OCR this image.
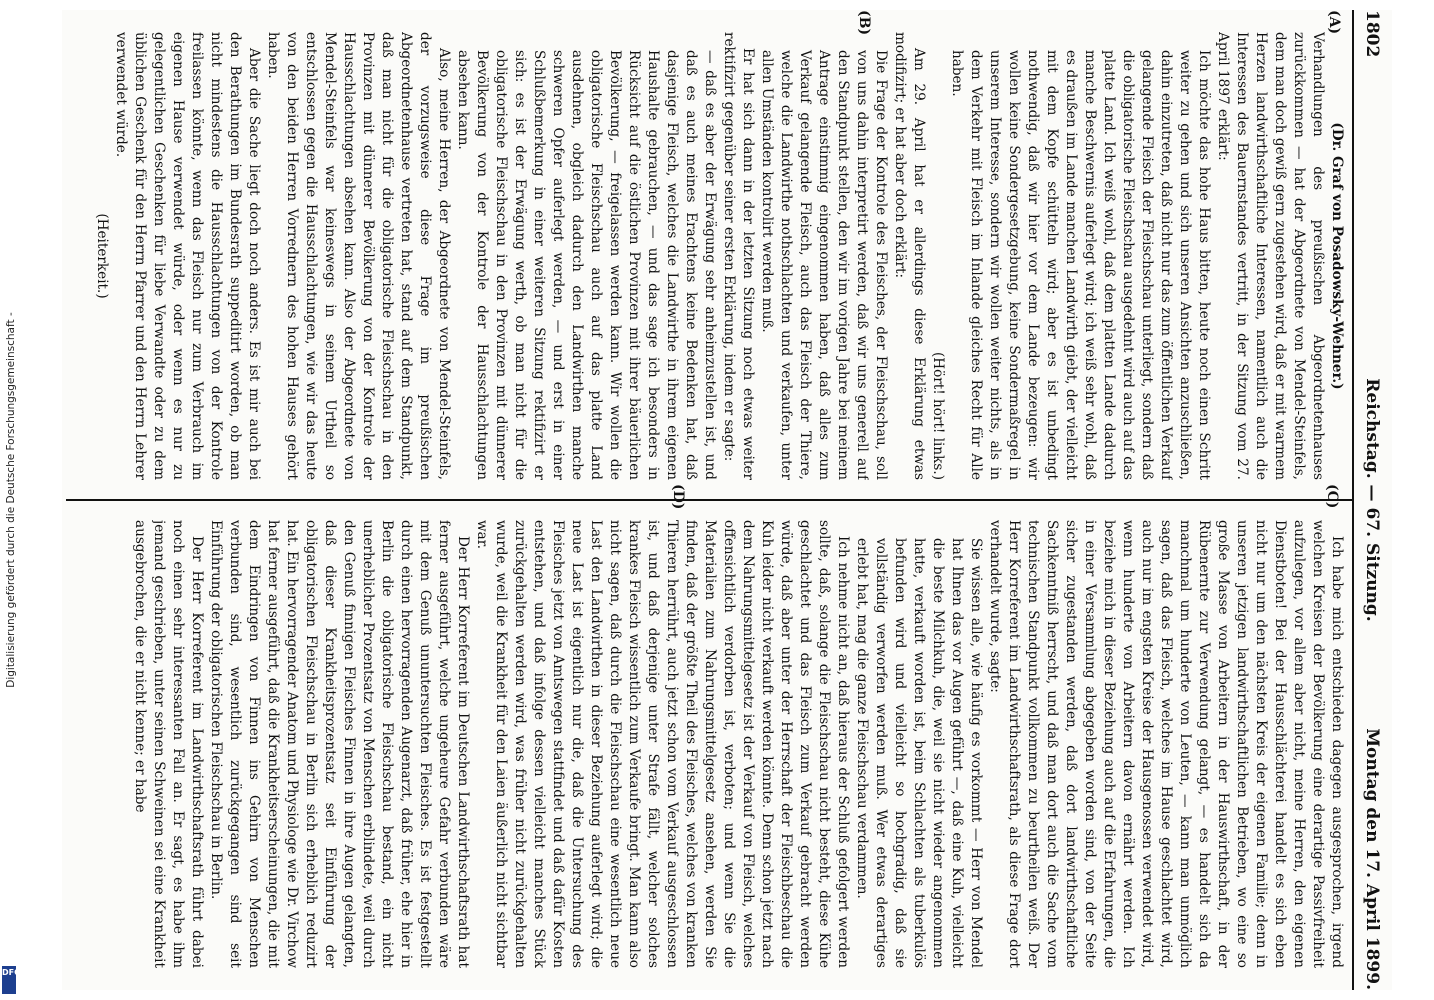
1802
Reichstag. — 67. Sitzung.
Montag den 17. April 1899.
(A)
(B)
(C)
(D)

(Dr. Graf von Posadowsky-Wehner.)

Verhandlungen des preußischen Abgeordnetenhauses zurückkommen — hat der Abgeordnete von Mendel-Steinfels, dem man doch gewiß gern zugestehen wird, daß er mit warmem Herzen landwirthschaftliche Interessen, namentlich auch die Interessen des Bauernstandes vertritt, in der Sitzung vom 27. April 1897 erklärt:

Ich möchte das hohe Haus bitten, heute noch einen Schritt weiter zu gehen und sich unseren Ansichten anzuschließen, dahin einzutreten, daß nicht nur das zum öffentlichen Verkauf gelangende Fleisch der Fleischschau unterliegt, sondern daß die obligatorische Fleischschau ausgedehnt wird auch auf das platte Land. Ich weiß wohl, daß dem platten Lande dadurch manche Beschwernis auferlegt wird; ich weiß sehr wohl, daß es draußen im Lande manchen Landwirth giebt, der vielleicht mit dem Kopfe schütteln wird; aber es ist unbedingt nothwendig, daß wir hier vor dem Lande bezeugen: wir wollen keine Sondergesetzgebung, keine Sondermaßregel in unserem Interesse, sondern wir wollen weiter nichts, als in dem Verkehr mit Fleisch im Inlande gleiches Recht für Alle haben.

(Hört! hört! links.)

Am 29. April hat er allerdings diese Erklärung etwas modifizirt; er hat aber doch erklärt:

Die Frage der Kontrole des Fleisches, der Fleischschau, soll von uns dahin interpretirt werden, daß wir uns generell auf den Standpunkt stellen, den wir im vorigen Jahre bei meinem Antrage einstimmig eingenommen haben, daß alles zum Verkauf gelangende Fleisch, auch das Fleisch der Thiere, welche die Landwirthe nothschlachten und verkaufen, unter allen Umständen kontrolirt werden muß.

Er hat sich dann in der letzten Sitzung noch etwas weiter rektifizirt gegenüber seiner ersten Erklärung, indem er sagte:

— daß es aber der Erwägung sehr anheimzustellen ist, und daß es auch meines Erachtens keine Bedenken hat, daß dasjenige Fleisch, welches die Landwirthe in ihrem eigenen Haushalte gebrauchen, — und das sage ich besonders in Rücksicht auf die östlichen Provinzen mit ihrer bäuerlichen Bevölkerung, — freigelassen werden kann. Wir wollen die obligatorische Fleischschau auch auf das platte Land ausdehnen, obgleich dadurch den Landwirthen manche schweren Opfer auferlegt werden, — und erst in einer Schlußbemerkung in einer weiteren Sitzung rektifizirt er sich: es ist der Erwägung werth, ob man nicht für die obligatorische Fleischschau in den Provinzen mit dünnerer Bevölkerung von der Kontrole der Hausschlachtungen absehen kann.

Also, meine Herren, der Abgeordnete von Mendel-Steinfels, der vorzugsweise diese Frage im preußischen Abgeordnetenhause vertreten hat, stand auf dem Standpunkt, daß man nicht für die obligatorische Fleischschau in den Provinzen mit dünnerer Bevölkerung von der Kontrole der Hausschlachtungen absehen kann. Also der Abgeordnete von Mendel-Steinfels war keineswegs in seinem Urtheil so entschlossen gegen die Hausschlachtungen, wie wir das heute von den beiden Herren Vorrednern des hohen Hauses gehört haben.

Aber die Sache liegt doch noch anders. Es ist mir auch bei den Berathungen im Bundesrath suppeditirt worden, ob man nicht mindestens die Hausschlachtungen von der Kontrole freilassen könnte, wenn das Fleisch nur zum Verbrauch im eigenen Hause verwendet würde, oder wenn es nur zu gelegentlichen Geschenken für liebe Verwandte oder zu dem üblichen Geschenk für den Herrn Pfarrer und den Herrn Lehrer verwendet würde.

(Heiterkeit.)

Ich habe mich entschieden dagegen ausgesprochen, irgend welchen Kreisen der Bevölkerung eine derartige Passivfreiheit aufzulegen, vor allem aber nicht, meine Herren, den eigenen Dienstboten! Bei der Hausschlächterei handelt es sich eben nicht nur um den nächsten Kreis der eigenen Familie; denn in unseren jetzigen landwirthschaftlichen Betrieben, wo eine so große Masse von Arbeitern in der Hauswirthschaft, in der Rübenernte zur Verwendung gelangt, — es handelt sich da manchmal um hunderte von Leuten, — kann man unmöglich sagen, daß das Fleisch, welches im Hause geschlachtet wird, auch nur im engsten Kreise der Hausgenossen verwendet wird, wenn hunderte von Arbeitern davon ernährt werden. Ich beziehe mich in dieser Beziehung auch auf die Erfahrungen, die in einer Versammlung abgegeben worden sind, von der Seite sicher zugestanden werden, daß dort landwirthschaftliche Sachkenntniß herrscht, und daß man dort auch die Sache vom technischen Standpunkt vollkommen zu beurtheilen weiß. Der Herr Korreferent im Landwirthschaftsrath, als diese Frage dort verhandelt wurde, sagte:

Sie wissen alle, wie häufig es vorkommt — Herr von Mendel hat Ihnen das vor Augen geführt —, daß eine Kuh, vielleicht die beste Milchkuh, die, weil sie nicht wieder angenommen hatte, verkauft worden ist, beim Schlachten als tuberkulös befunden wird und vielleicht so hochgradig, daß sie vollständig verworfen werden muß. Wer etwas derartiges erlebt hat, mag die ganze Fleischschau verdammen.

Ich nehme nicht an, daß hieraus der Schluß gefolgert werden sollte, daß, solange die Fleischschau nicht besteht, diese Kühe geschlachtet und das Fleisch zum Verkauf gebracht werden würde, daß aber unter der Herrschaft der Fleischbeschau die Kuh leider nicht verkauft werden könnte. Denn schon jetzt nach dem Nahrungsmittelgesetz ist der Verkauf von Fleisch, welches offensichtlich verdorben ist, verboten; und wenn Sie die Materialien zum Nahrungsmittelgesetz ansehen, werden Sie finden, daß der größte Theil des Fleisches, welches von kranken Thieren herrührt, auch jetzt schon vom Verkauf ausgeschlossen ist, und daß derjenige unter Strafe fällt, welcher solches krankes Fleisch wissentlich zum Verkaufe bringt. Man kann also nicht sagen, daß durch die Fleischschau eine wesentlich neue Last den Landwirthen in dieser Beziehung auferlegt wird; die neue Last ist eigentlich nur die, daß die Untersuchung des Fleisches jetzt von Amtswegen stattfindet und daß dafür Kosten entstehen, und daß infolge dessen vielleicht manches Stück zurückgehalten werden wird, was früher nicht zurückgehalten wurde, weil die Krankheit für den Laien äußerlich nicht sichtbar war.

Der Herr Korreferent im Deutschen Landwirthschaftsrath hat ferner ausgeführt, welche ungeheure Gefahr verbunden wäre mit dem Genuß ununtersuchten Fleisches. Es ist festgestellt durch einen hervorragenden Augenarzt, daß früher, ehe hier in Berlin die obligatorische Fleischschau bestand, ein nicht unerheblicher Prozentsatz von Menschen erblindete, weil durch den Genuß finnigen Fleisches Finnen in ihre Augen gelangten, daß dieser Krankheitsprozentsatz seit Einführung der obligatorischen Fleischschau in Berlin sich erheblich reduzirt hat. Ein hervorragender Anatom und Physiologe wie Dr. Virchow hat ferner ausgeführt, daß die Krankheitserscheinungen, die mit dem Eindringen von Finnen ins Gehirn von Menschen verbunden sind, wesentlich zurückgegangen sind seit Einführung der obligatorischen Fleischschau in Berlin.

Der Herr Korreferent im Landwirthschaftsrath führt dabei noch einen sehr interessanten Fall an. Er sagt, es habe ihm jemand geschrieben, unter seinen Schweinen sei eine Krankheit ausgebrochen, die er nicht kenne; er habe

Digitalisierung gefördert durch die Deutsche Forschungsgemeinschaft -
DFG
